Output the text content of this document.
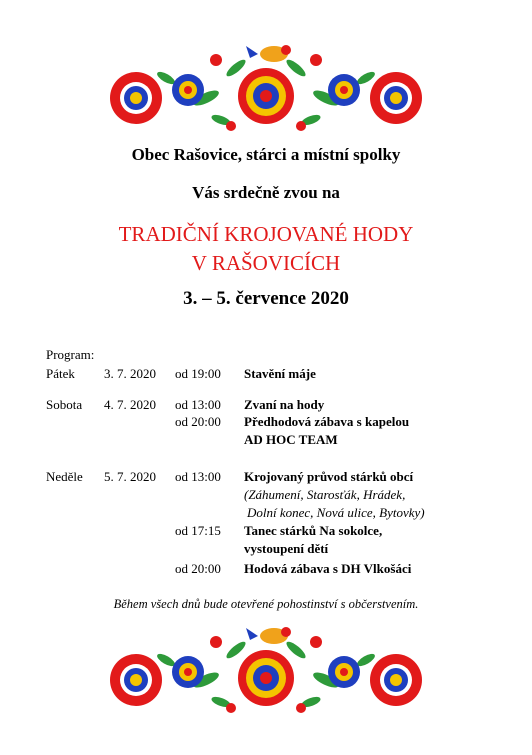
Obec Rašovice, stárci a místní spolky
Vás srdečně zvou na
TRADIČNÍ KROJOVANÉ HODY
V RAŠOVICÍCH
3. – 5. července 2020
Program:
Pátek 3. 7. 2020 od 19:00 Stavění máje
Sobota 4. 7. 2020 od 13:00 Zvaní na hody
od 20:00 Předhodová zábava s kapelou
AD HOC TEAM
Neděle 5. 7. 2020 od 13:00 Krojovaný průvod stárků obcí
(Záhumení, Starosťák, Hrádek,
Dolní konec, Nová ulice, Bytovky)
od 17:15 Tanec stárků Na sokolce,
vystoupení dětí
od 20:00 Hodová zábava s DH Vlkošáci
Během všech dnů bude otevřené pohostinství s občerstvením.
